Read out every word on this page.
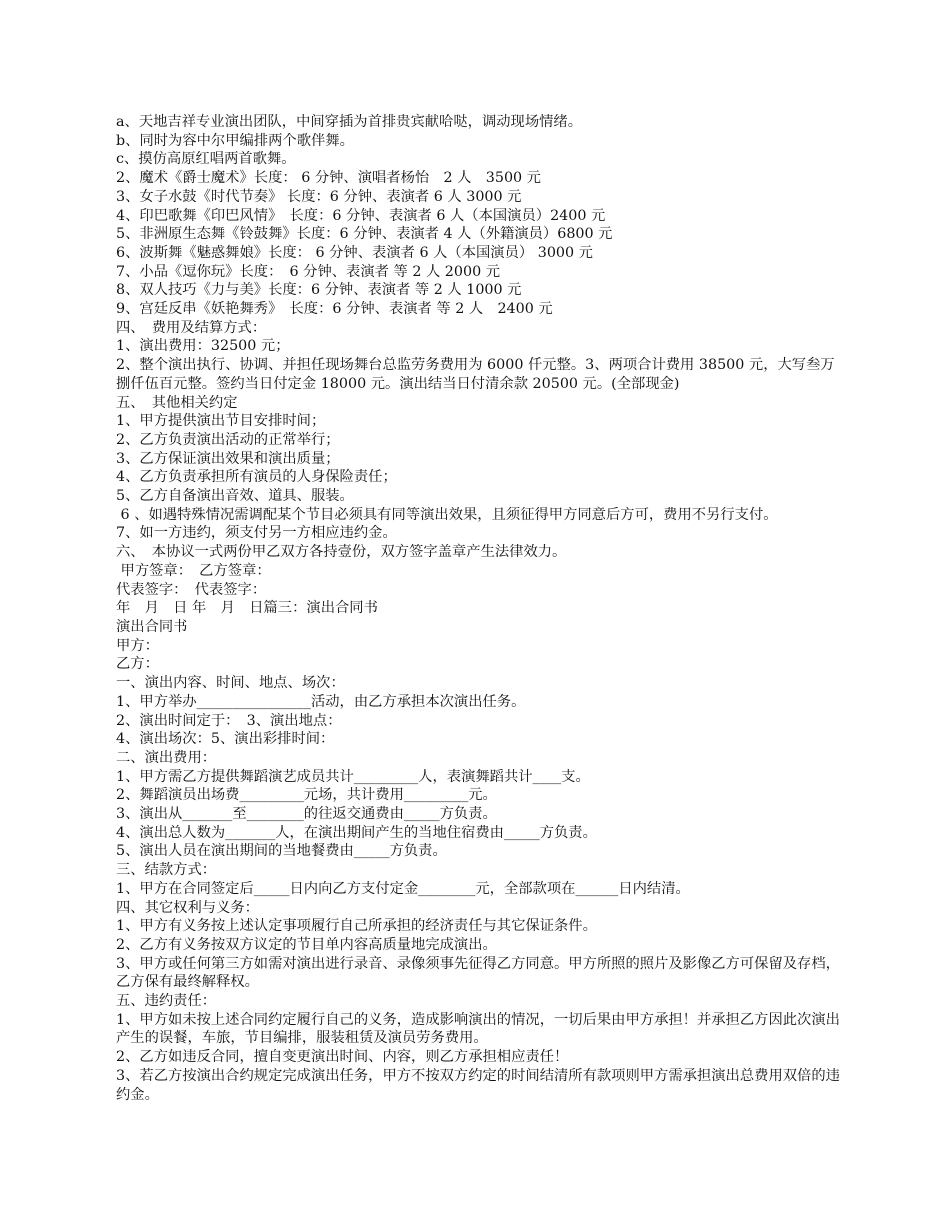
a、天地吉祥专业演出团队，中间穿插为首排贵宾献哈哒，调动现场情绪。

b、同时为容中尔甲编排两个歌伴舞。

c、摸仿高原红唱两首歌舞。

2、魔术《爵士魔术》长度： 6 分钟、演唱者杨怡　2 人　3500 元

3、女子水鼓《时代节奏》 长度：6 分钟、表演者 6 人 3000 元

4、印巴歌舞《印巴风情》　长度：6 分钟、表演者 6 人（本国演员）2400 元

5、非洲原生态舞《铃鼓舞》长度：6 分钟、表演者 4 人（外籍演员）6800 元

6、波斯舞《魅惑舞娘》长度： 6 分钟、表演者 6 人（本国演员） 3000 元

7、小品《逗你玩》长度：　6 分钟、表演者 等 2 人 2000 元

8、双人技巧《力与美》长度：6 分钟、表演者 等 2 人 1000 元

9、宫廷反串《妖艳舞秀》　长度：6 分钟、表演者 等 2 人　2400 元

四、　费用及结算方式：

1、演出费用：32500 元；

2、整个演出执行、协调、并担任现场舞台总监劳务费用为 6000 仟元整。3、两项合计费用 38500 元，大写叁万捌仟伍百元整。签约当日付定金 18000 元。演出结当日付清余款 20500 元。(全部现金)

五、　其他相关约定

1、甲方提供演出节目安排时间；

2、乙方负责演出活动的正常举行；

3、乙方保证演出效果和演出质量；

4、乙方负责承担所有演员的人身保险责任；

5、乙方自备演出音效、道具、服装。

6 、如遇特殊情况需调配某个节目必须具有同等演出效果，且须征得甲方同意后方可，费用不另行支付。

7、如一方违约，须支付另一方相应违约金。

六、　本协议一式两份甲乙双方各持壹份，双方签字盖章产生法律效力。

甲方签章：　乙方签章：

代表签字：　代表签字：

年　月　日 年　月　日篇三：演出合同书

演出合同书

甲方：

乙方：

一、演出内容、时间、地点、场次：

1、甲方举办________________活动，由乙方承担本次演出任务。

2、演出时间定于：　3、演出地点：

4、演出场次：5、演出彩排时间：

二、演出费用：

1、甲方需乙方提供舞蹈演艺成员共计_________人，表演舞蹈共计____支。

2、舞蹈演员出场费_________元场，共计费用_________元。

3、演出从_______至________的往返交通费由_____方负责。

4、演出总人数为_______人，在演出期间产生的当地住宿费由_____方负责。

5、演出人员在演出期间的当地餐费由_____方负责。

三、结款方式：

1、甲方在合同签定后_____日内向乙方支付定金________元，全部款项在______日内结清。

四、其它权利与义务：

1、甲方有义务按上述认定事项履行自己所承担的经济责任与其它保证条件。

2、乙方有义务按双方议定的节目单内容高质量地完成演出。

3、甲方或任何第三方如需对演出进行录音、录像须事先征得乙方同意。甲方所照的照片及影像乙方可保留及存档，乙方保有最终解释权。

五、违约责任：

1、甲方如未按上述合同约定履行自己的义务，造成影响演出的情况，一切后果由甲方承担！并承担乙方因此次演出产生的误餐，车旅，节目编排，服装租赁及演员劳务费用。

2、乙方如违反合同，擅自变更演出时间、内容，则乙方承担相应责任！

3、若乙方按演出合约规定完成演出任务，甲方不按双方约定的时间结清所有款项则甲方需承担演出总费用双倍的违约金。
